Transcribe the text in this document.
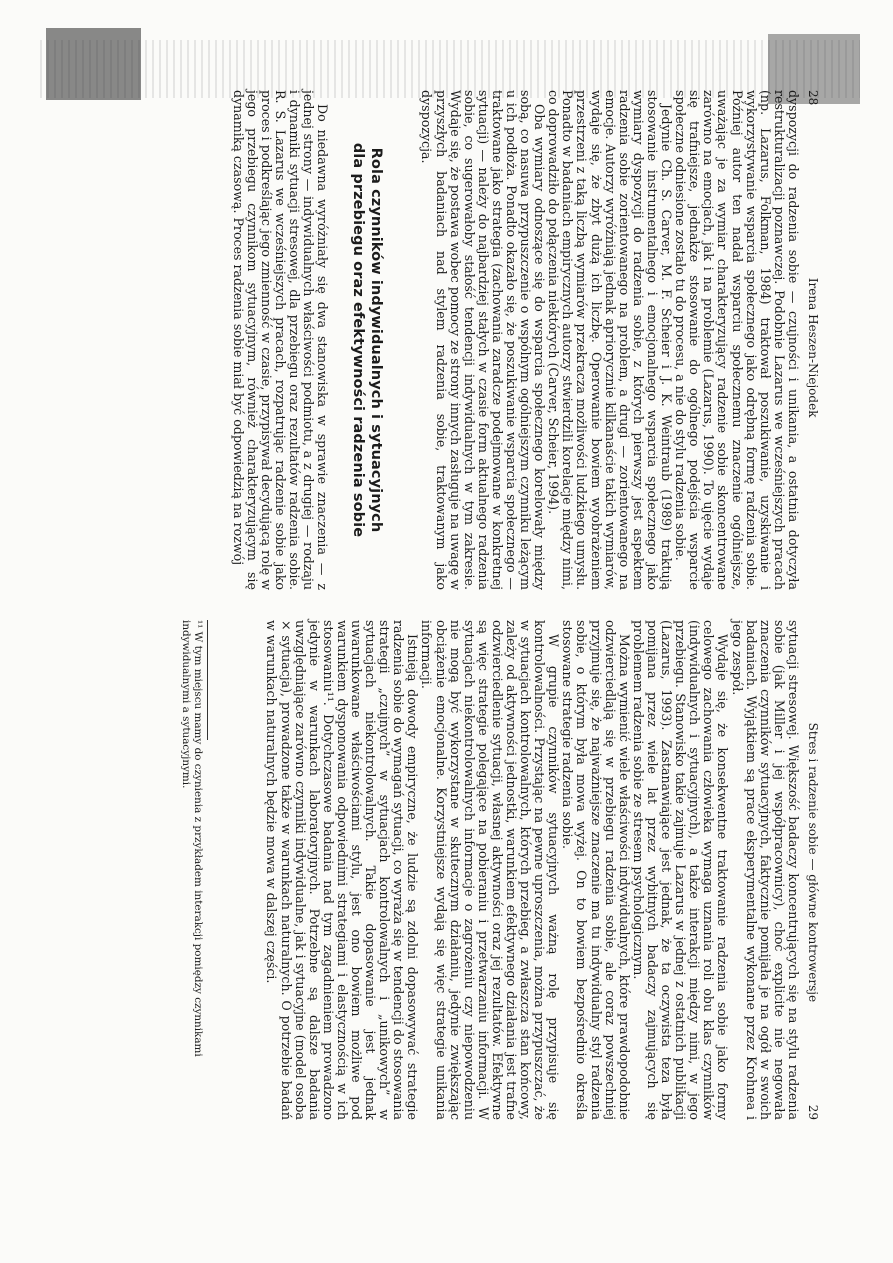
28
Irena Heszen-Niejodek

dyspozycji do radzenia sobie — czujności i unikania, a ostatnia dotyczyła restrukturalizacji poznawczej. Podobnie Lazarus we wcześniejszych pracach (np. Lazarus, Folkman, 1984) traktował poszukiwanie, uzyskiwanie i wykorzystywanie wsparcia społecznego jako odrębną formę radzenia sobie. Później autor ten nadał wsparciu społecznemu znaczenie ogólniejsze, uważając je za wymiar charakteryzujący radzenie sobie skoncentrowane zarówno na emocjach, jak i na problemie (Lazarus, 1990). To ujęcie wydaje się trafniejsze, jednakże stosowanie do ogólnego podejścia wsparcie społeczne odniesione zostało tu do procesu, a nie do stylu radzenia sobie.

Jedynie Ch. S. Carver, M. F. Scheier i J. K. Weintraub (1989) traktują stosowanie instrumentalnego i emocjonalnego wsparcia społecznego jako wymiary dyspozycji do radzenia sobie, z których pierwszy jest aspektem radzenia sobie zorientowanego na problem, a drugi — zorientowanego na emocje. Autorzy wyróżniają jednak apriorycznie kilkanaście takich wymiarów, wydaje się, że zbyt dużą ich liczbę. Operowanie bowiem wyobrażeniem przestrzeni z taką liczbą wymiarów przekracza możliwości ludzkiego umysłu. Ponadto w badaniach empirycznych autorzy stwierdzili korelacje między nimi, co doprowadziło do połączenia niektórych (Carver, Scheier, 1994).

Oba wymiary odnoszące się do wsparcia społecznego korelowały między sobą, co nasuwa przypuszczenie o wspólnym ogólniejszym czynniku leżącym u ich podłoża. Ponadto okazało się, że poszukiwanie wsparcia społecznego — traktowane jako strategia (zachowania zaradcze podejmowane w konkretnej sytuacji) — należy do najbardziej stałych w czasie form aktualnego radzenia sobie, co sugerowałoby stałość tendencji indywidualnych w tym zakresie. Wydaje się, że postawa wobec pomocy ze strony innych zasługuje na uwagę w przyszłych badaniach nad stylem radzenia sobie, traktowanym jako dyspozycja.

Rola czynników indywidualnych i sytuacyjnych
dla przebiegu oraz efektywności radzenia sobie

Do niedawna wyróżniały się dwa stanowiska w sprawie znaczenia — z jednej strony — indywidualnych właściwości podmiotu, a z drugiej — rodzaju i dynamiki sytuacji stresowej, dla przebiegu oraz rezultatów radzenia sobie. R. S. Lazarus we wcześniejszych pracach, rozpatrując radzenie sobie jako proces i podkreślając jego zmienność w czasie, przypisywał decydującą rolę w jego przebiegu czynnikom sytuacyjnym, również charakteryzującym się dynamiką czasową. Proces radzenia sobie miał być odpowiedzią na rozwój

Stres i radzenie sobie — główne kontrowersje
29

sytuacji stresowej. Większość badaczy koncentrujących się na stylu radzenia sobie (jak Miller i jej współpracownicy), choć explicite nie negowała znaczenia czynników sytuacyjnych, faktycznie pomijała je na ogół w swoich badaniach. Wyjątkiem są prace eksperymentalne wykonane przez Krohnea i jego zespół.

Wydaje się, że konsekwentne traktowanie radzenia sobie jako formy celowego zachowania człowieka wymaga uznania roli obu klas czynników (indywidualnych i sytuacyjnych), a także interakcji między nimi, w jego przebiegu. Stanowisko takie zajmuje Lazarus w jednej z ostatnich publikacji (Lazarus, 1993). Zastanawiające jest jednak, że ta oczywista teza była pomijana przez wiele lat przez wybitnych badaczy zajmujących się problemem radzenia sobie ze stresem psychologicznym.

Można wymienić wiele właściwości indywidualnych, które prawdopodobnie odzwierciedlają się w przebiegu radzenia sobie, ale coraz powszechniej przyjmuje się, że najważniejsze znaczenie ma tu indywidualny styl radzenia sobie, o którym była mowa wyżej. On to bowiem bezpośrednio określa stosowane strategie radzenia sobie.

W grupie czynników sytuacyjnych ważną rolę przypisuje się kontrolowalności. Przystając na pewne uproszczenia, można przypuszczać, że w sytuacjach kontrolowalnych, których przebieg, a zwłaszcza stan końcowy, zależy od aktywności jednostki, warunkiem efektywnego działania jest trafne odzwierciedlenie sytuacji, własnej aktywności oraz jej rezultatów. Efektywne są więc strategie polegające na pobieraniu i przetwarzaniu informacji. W sytuacjach niekontrolowalnych informacje o zagrożeniu czy niepowodzeniu nie mogą być wykorzystane w skutecznym działaniu, jedynie zwiększając obciążenie emocjonalne. Korzystniejsze wydają się więc strategie unikania informacji.

Istnieją dowody empiryczne, że ludzie są zdolni dopasowywać strategie radzenia sobie do wymagań sytuacji, co wyraża się w tendencji do stosowania strategii „czujnych” w sytuacjach kontrolowalnych i „unikowych” w sytuacjach niekontrolowalnych. Takie dopasowanie jest jednak uwarunkowane właściwościami stylu, jest ono bowiem możliwe pod warunkiem dysponowania odpowiednimi strategiami i elastycznością w ich stosowaniu¹¹. Dotychczasowe badania nad tym zagadnieniem prowadzono jedynie w warunkach laboratoryjnych. Potrzebne są dalsze badania uwzględniające zarówno czynniki indywidualne, jak i sytuacyjne (model osoba × sytuacja), prowadzone także w warunkach naturalnych. O potrzebie badań w warunkach naturalnych będzie mowa w dalszej części.

¹¹ W tym miejscu mamy do czynienia z przykładem interakcji pomiędzy czynnikami indywidualnymi a sytuacyjnymi.
